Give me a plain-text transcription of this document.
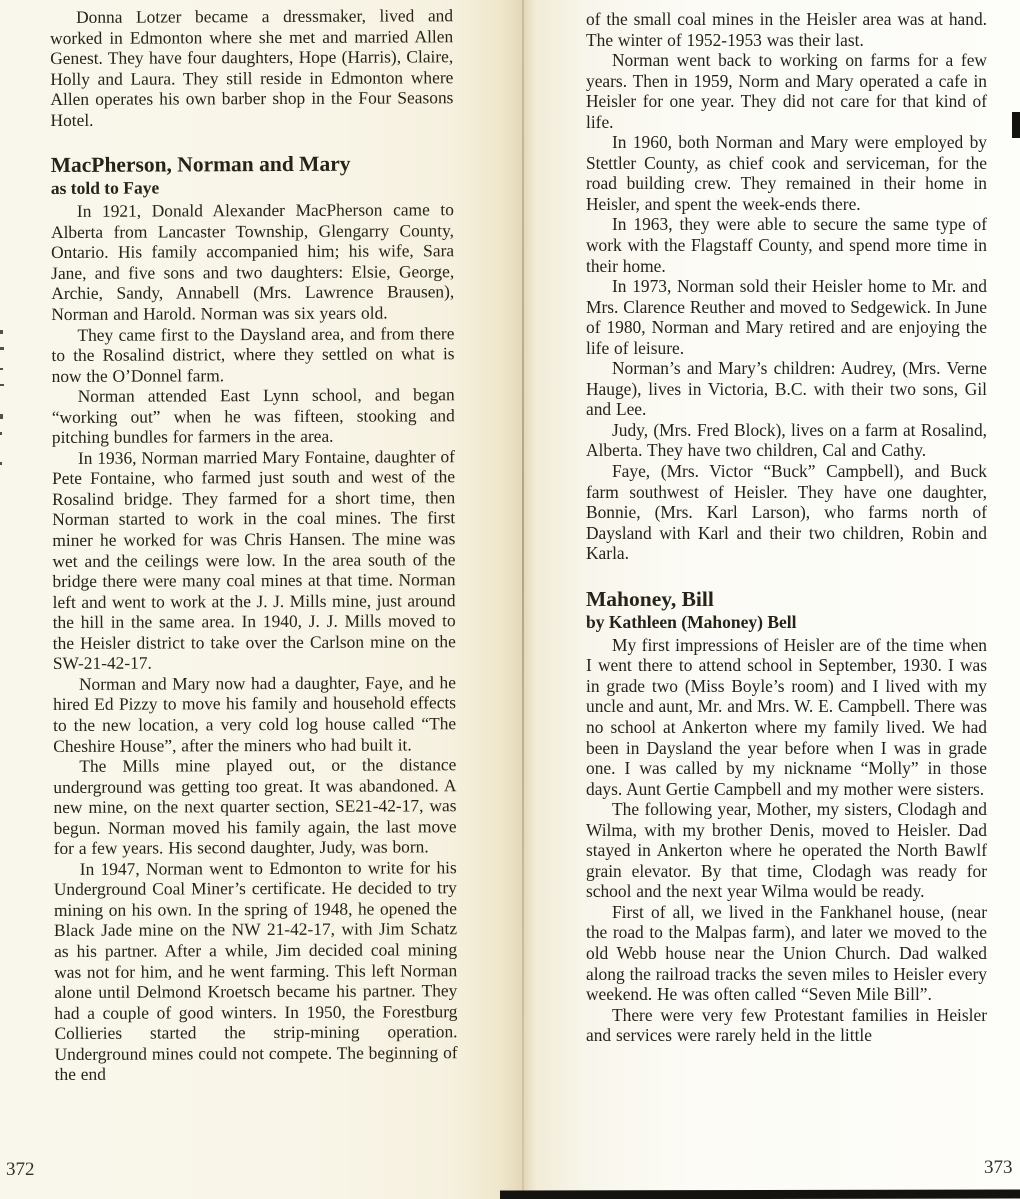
Donna Lotzer became a dressmaker, lived and worked in Edmonton where she met and married Allen Genest. They have four daughters, Hope (Harris), Claire, Holly and Laura. They still reside in Edmonton where Allen operates his own barber shop in the Four Seasons Hotel.

MacPherson, Norman and Mary
as told to Faye

In 1921, Donald Alexander MacPherson came to Alberta from Lancaster Township, Glengarry County, Ontario. His family accompanied him; his wife, Sara Jane, and five sons and two daughters: Elsie, George, Archie, Sandy, Annabell (Mrs. Lawrence Brausen), Norman and Harold. Norman was six years old.

They came first to the Daysland area, and from there to the Rosalind district, where they settled on what is now the O’Donnel farm.

Norman attended East Lynn school, and began “working out” when he was fifteen, stooking and pitching bundles for farmers in the area.

In 1936, Norman married Mary Fontaine, daughter of Pete Fontaine, who farmed just south and west of the Rosalind bridge. They farmed for a short time, then Norman started to work in the coal mines. The first miner he worked for was Chris Hansen. The mine was wet and the ceilings were low. In the area south of the bridge there were many coal mines at that time. Norman left and went to work at the J. J. Mills mine, just around the hill in the same area. In 1940, J. J. Mills moved to the Heisler district to take over the Carlson mine on the SW-21-42-17.

Norman and Mary now had a daughter, Faye, and he hired Ed Pizzy to move his family and household effects to the new location, a very cold log house called “The Cheshire House”, after the miners who had built it.

The Mills mine played out, or the distance underground was getting too great. It was abandoned. A new mine, on the next quarter section, SE21-42-17, was begun. Norman moved his family again, the last move for a few years. His second daughter, Judy, was born.

In 1947, Norman went to Edmonton to write for his Underground Coal Miner’s certificate. He decided to try mining on his own. In the spring of 1948, he opened the Black Jade mine on the NW 21-42-17, with Jim Schatz as his partner. After a while, Jim decided coal mining was not for him, and he went farming. This left Norman alone until Delmond Kroetsch became his partner. They had a couple of good winters. In 1950, the Forestburg Collieries started the strip-mining operation. Underground mines could not compete. The beginning of the end

of the small coal mines in the Heisler area was at hand. The winter of 1952-1953 was their last.

Norman went back to working on farms for a few years. Then in 1959, Norm and Mary operated a cafe in Heisler for one year. They did not care for that kind of life.

In 1960, both Norman and Mary were employed by Stettler County, as chief cook and serviceman, for the road building crew. They remained in their home in Heisler, and spent the week-ends there.

In 1963, they were able to secure the same type of work with the Flagstaff County, and spend more time in their home.

In 1973, Norman sold their Heisler home to Mr. and Mrs. Clarence Reuther and moved to Sedgewick. In June of 1980, Norman and Mary retired and are enjoying the life of leisure.

Norman’s and Mary’s children: Audrey, (Mrs. Verne Hauge), lives in Victoria, B.C. with their two sons, Gil and Lee.

Judy, (Mrs. Fred Block), lives on a farm at Rosalind, Alberta. They have two children, Cal and Cathy.

Faye, (Mrs. Victor “Buck” Campbell), and Buck farm southwest of Heisler. They have one daughter, Bonnie, (Mrs. Karl Larson), who farms north of Daysland with Karl and their two children, Robin and Karla.

Mahoney, Bill
by Kathleen (Mahoney) Bell

My first impressions of Heisler are of the time when I went there to attend school in September, 1930. I was in grade two (Miss Boyle’s room) and I lived with my uncle and aunt, Mr. and Mrs. W. E. Campbell. There was no school at Ankerton where my family lived. We had been in Daysland the year before when I was in grade one. I was called by my nickname “Molly” in those days. Aunt Gertie Campbell and my mother were sisters.

The following year, Mother, my sisters, Clodagh and Wilma, with my brother Denis, moved to Heisler. Dad stayed in Ankerton where he operated the North Bawlf grain elevator. By that time, Clodagh was ready for school and the next year Wilma would be ready.

First of all, we lived in the Fankhanel house, (near the road to the Malpas farm), and later we moved to the old Webb house near the Union Church. Dad walked along the railroad tracks the seven miles to Heisler every weekend. He was often called “Seven Mile Bill”.

There were very few Protestant families in Heisler and services were rarely held in the little

372	373
